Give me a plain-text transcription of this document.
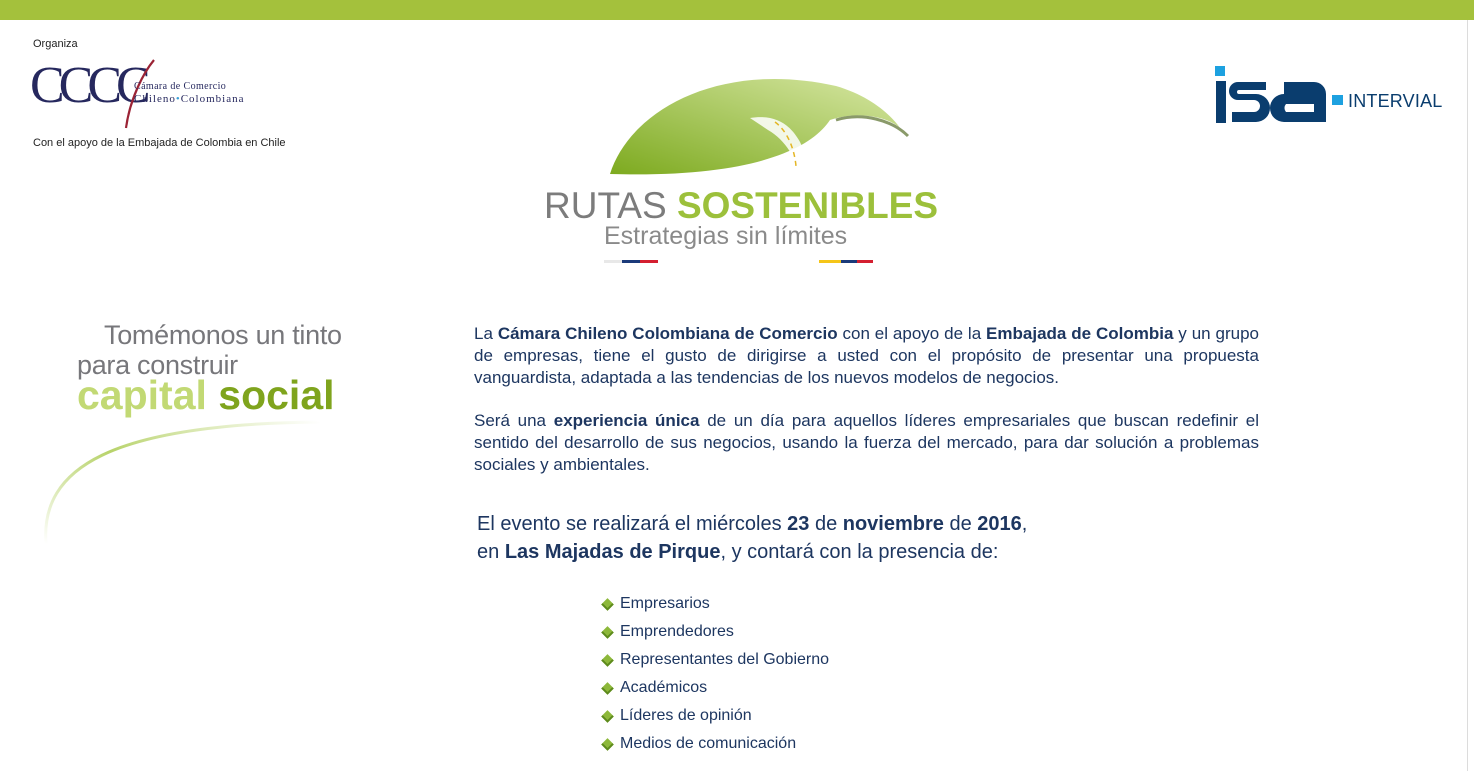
Organiza
CCCC
Cámara de Comercio
Chileno•Colombiana
Con el apoyo de la Embajada de Colombia en Chile
INTERVIAL
RUTAS SOSTENIBLES
Estrategias sin límites
Tomémonos un tinto
para construir
capital social
La Cámara Chileno Colombiana de Comercio con el apoyo de la Embajada de Colombia y un grupo de empresas, tiene el gusto de dirigirse a usted con el propósito de presentar una propuesta vanguardista, adaptada a las tendencias de los nuevos modelos de negocios.
Será una experiencia única de un día para aquellos líderes empresariales que buscan redefinir el sentido del desarrollo de sus negocios, usando la fuerza del mercado, para dar solución a problemas sociales y ambientales.
El evento se realizará el miércoles 23 de noviembre de 2016,
en Las Majadas de Pirque, y contará con la presencia de:
Empresarios
Emprendedores
Representantes del Gobierno
Académicos
Líderes de opinión
Medios de comunicación
